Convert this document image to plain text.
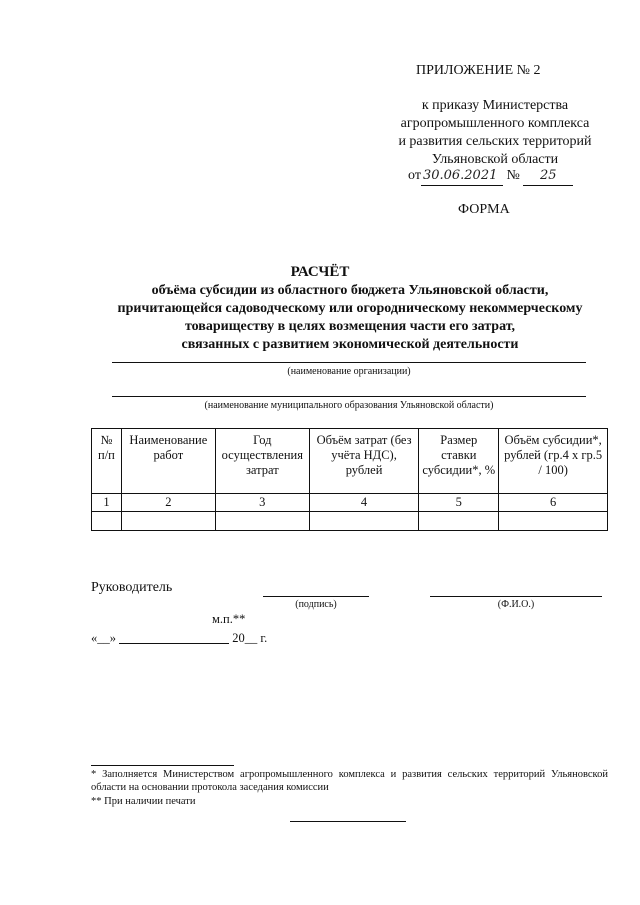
ПРИЛОЖЕНИЕ № 2
к приказу Министерства
агропромышленного комплекса
и развития сельских территорий
Ульяновской области
от 30.06.2021 № 25
ФОРМА
РАСЧЁТ
объёма субсидии из областного бюджета Ульяновской области,
причитающейся садоводческому или огородническому некоммерческому
товариществу в целях возмещения части его затрат,
связанных с развитием экономической деятельности
(наименование организации)
(наименование муниципального образования Ульяновской области)
№ п/п	Наименование работ	Год осуществления затрат	Объём затрат (без учёта НДС), рублей	Размер ставки субсидии*, %	Объём субсидии*, рублей (гр.4 x гр.5 / 100)
1	2	3	4	5	6

Руководитель
(подпись)	(Ф.И.О.)
м.п.**
«__»	20__ г.
* Заполняется Министерством агропромышленного комплекса и развития сельских территорий Ульяновской области на основании протокола заседания комиссии
** При наличии печати
